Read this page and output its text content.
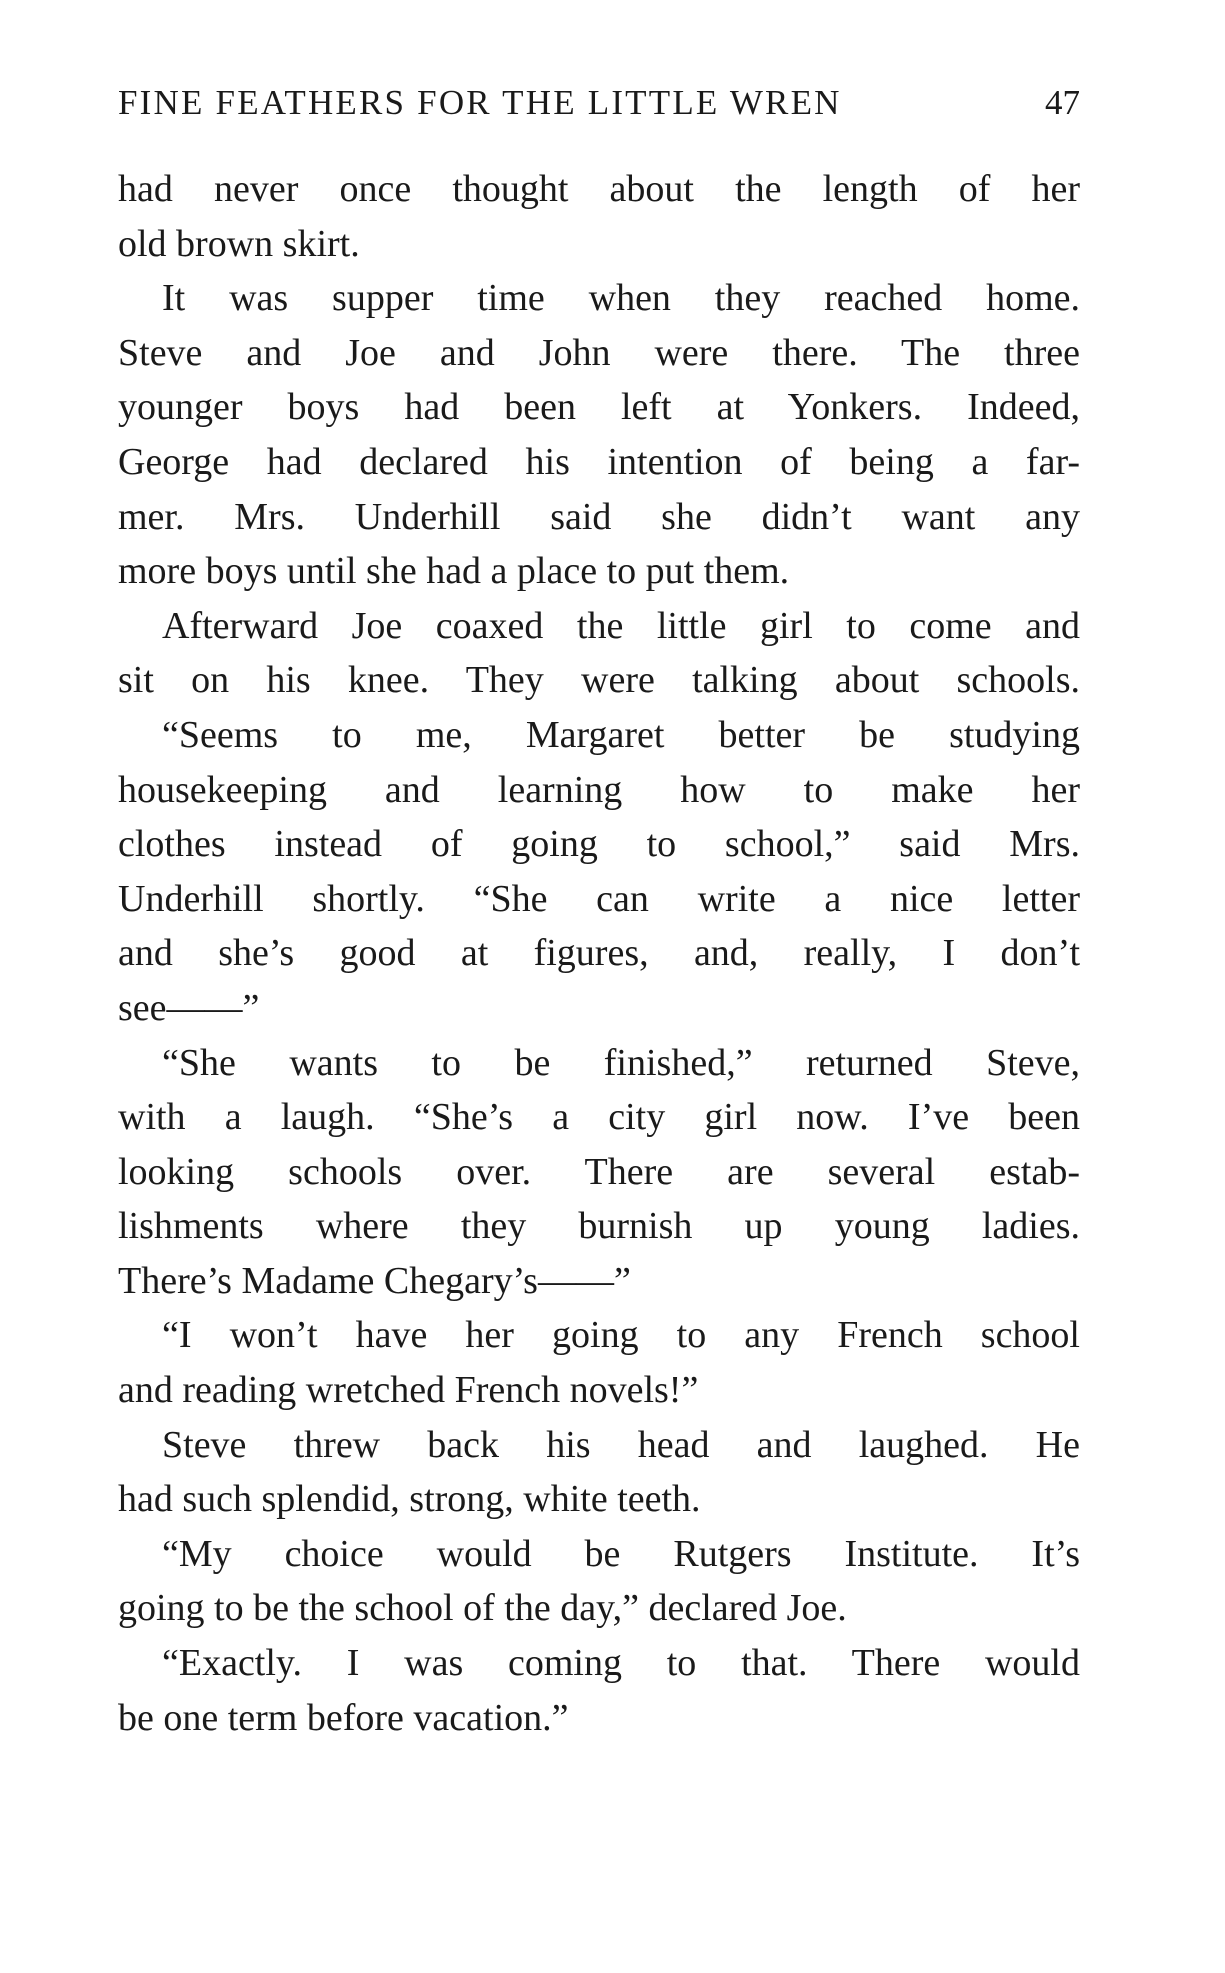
FINE FEATHERS FOR THE LITTLE WREN	47
had never once thought about the length of her
old brown skirt.
It was supper time when they reached home.
Steve and Joe and John were there. The three
younger boys had been left at Yonkers. Indeed,
George had declared his intention of being a far-
mer. Mrs. Underhill said she didn’t want any
more boys until she had a place to put them.
Afterward Joe coaxed the little girl to come and
sit on his knee. They were talking about schools.
“Seems to me, Margaret better be studying
housekeeping and learning how to make her
clothes instead of going to school,” said Mrs.
Underhill shortly. “She can write a nice letter
and she’s good at figures, and, really, I don’t
see——”
“She wants to be finished,” returned Steve,
with a laugh. “She’s a city girl now. I’ve been
looking schools over. There are several estab-
lishments where they burnish up young ladies.
There’s Madame Chegary’s——”
“I won’t have her going to any French school
and reading wretched French novels!”
Steve threw back his head and laughed. He
had such splendid, strong, white teeth.
“My choice would be Rutgers Institute. It’s
going to be the school of the day,” declared Joe.
“Exactly. I was coming to that. There would
be one term before vacation.”
